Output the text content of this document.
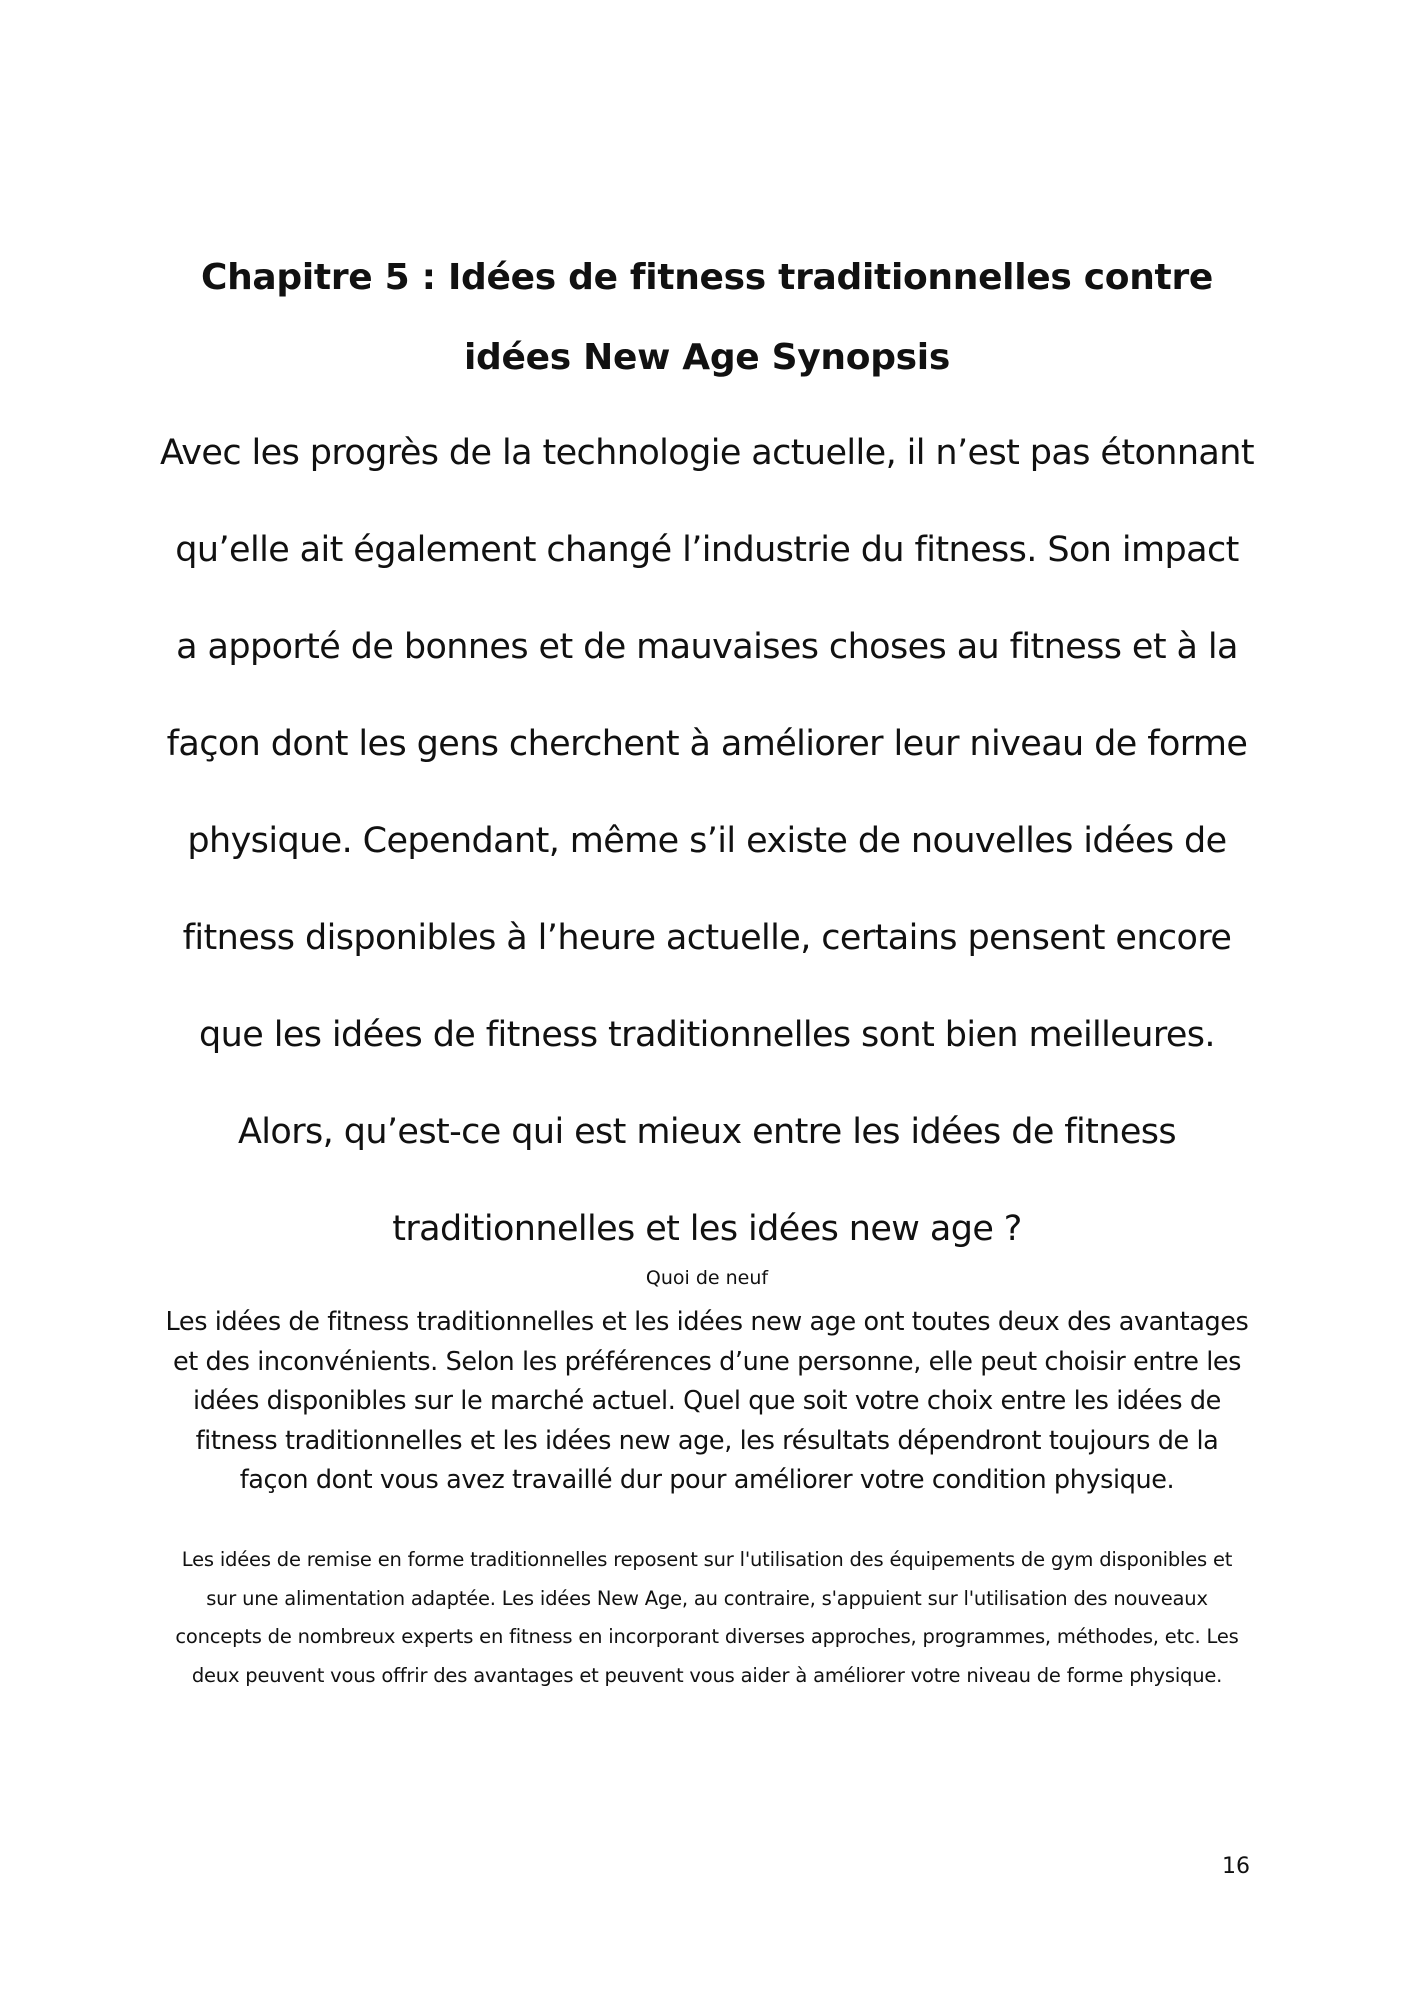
Chapitre 5 : Idées de fitness traditionnelles contre idées New Age Synopsis

Avec les progrès de la technologie actuelle, il n’est pas étonnant qu’elle ait également changé l’industrie du fitness. Son impact a apporté de bonnes et de mauvaises choses au fitness et à la façon dont les gens cherchent à améliorer leur niveau de forme physique. Cependant, même s’il existe de nouvelles idées de fitness disponibles à l’heure actuelle, certains pensent encore que les idées de fitness traditionnelles sont bien meilleures. Alors, qu’est-ce qui est mieux entre les idées de fitness traditionnelles et les idées new age ?

Quoi de neuf

Les idées de fitness traditionnelles et les idées new age ont toutes deux des avantages et des inconvénients. Selon les préférences d’une personne, elle peut choisir entre les idées disponibles sur le marché actuel. Quel que soit votre choix entre les idées de fitness traditionnelles et les idées new age, les résultats dépendront toujours de la façon dont vous avez travaillé dur pour améliorer votre condition physique.

Les idées de remise en forme traditionnelles reposent sur l'utilisation des équipements de gym disponibles et sur une alimentation adaptée. Les idées New Age, au contraire, s'appuient sur l'utilisation des nouveaux concepts de nombreux experts en fitness en incorporant diverses approches, programmes, méthodes, etc. Les deux peuvent vous offrir des avantages et peuvent vous aider à améliorer votre niveau de forme physique.

16
